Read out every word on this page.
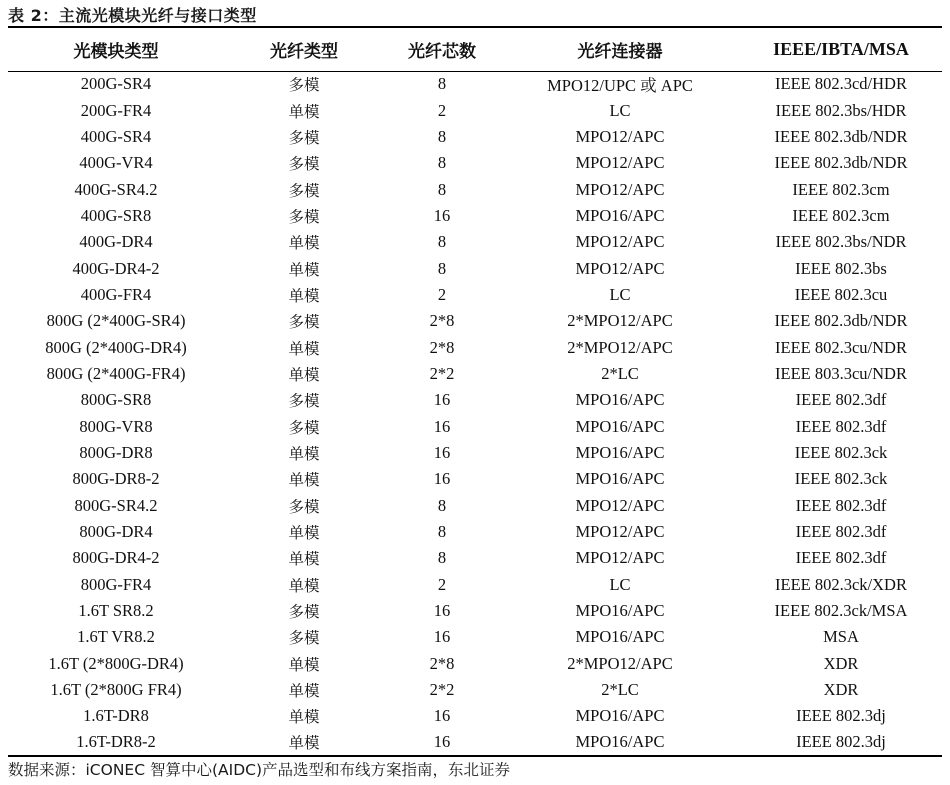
表 2：主流光模块光纤与接口类型
光模块类型	光纤类型	光纤芯数	光纤连接器	IEEE/IBTA/MSA
200G-SR4	多模	8	MPO12/UPC 或 APC	IEEE 802.3cd/HDR
200G-FR4	单模	2	LC	IEEE 802.3bs/HDR
400G-SR4	多模	8	MPO12/APC	IEEE 802.3db/NDR
400G-VR4	多模	8	MPO12/APC	IEEE 802.3db/NDR
400G-SR4.2	多模	8	MPO12/APC	IEEE 802.3cm
400G-SR8	多模	16	MPO16/APC	IEEE 802.3cm
400G-DR4	单模	8	MPO12/APC	IEEE 802.3bs/NDR
400G-DR4-2	单模	8	MPO12/APC	IEEE 802.3bs
400G-FR4	单模	2	LC	IEEE 802.3cu
800G (2*400G-SR4)	多模	2*8	2*MPO12/APC	IEEE 802.3db/NDR
800G (2*400G-DR4)	单模	2*8	2*MPO12/APC	IEEE 802.3cu/NDR
800G (2*400G-FR4)	单模	2*2	2*LC	IEEE 803.3cu/NDR
800G-SR8	多模	16	MPO16/APC	IEEE 802.3df
800G-VR8	多模	16	MPO16/APC	IEEE 802.3df
800G-DR8	单模	16	MPO16/APC	IEEE 802.3ck
800G-DR8-2	单模	16	MPO16/APC	IEEE 802.3ck
800G-SR4.2	多模	8	MPO12/APC	IEEE 802.3df
800G-DR4	单模	8	MPO12/APC	IEEE 802.3df
800G-DR4-2	单模	8	MPO12/APC	IEEE 802.3df
800G-FR4	单模	2	LC	IEEE 802.3ck/XDR
1.6T SR8.2	多模	16	MPO16/APC	IEEE 802.3ck/MSA
1.6T VR8.2	多模	16	MPO16/APC	MSA
1.6T (2*800G-DR4)	单模	2*8	2*MPO12/APC	XDR
1.6T (2*800G FR4)	单模	2*2	2*LC	XDR
1.6T-DR8	单模	16	MPO16/APC	IEEE 802.3dj
1.6T-DR8-2	单模	16	MPO16/APC	IEEE 802.3dj
数据来源：iCONEC 智算中心(AIDC)产品选型和布线方案指南，东北证券
